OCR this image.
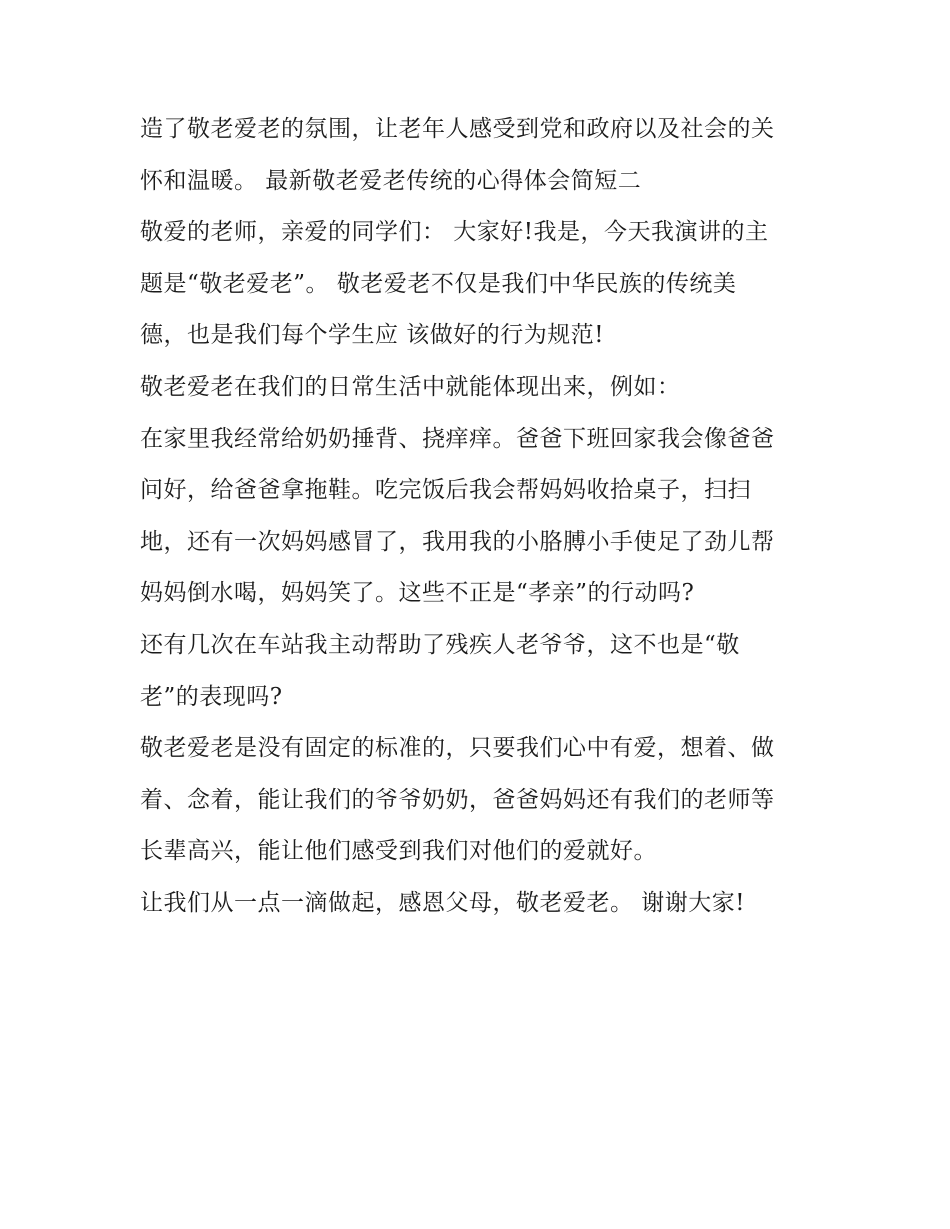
造了敬老爱老的氛围，让老年人感受到党和政府以及社会的关
怀和温暖。 最新敬老爱老传统的心得体会简短二
敬爱的老师，亲爱的同学们： 大家好!我是，今天我演讲的主
题是“敬老爱老”。 敬老爱老不仅是我们中华民族的传统美
德，也是我们每个学生应 该做好的行为规范!
敬老爱老在我们的日常生活中就能体现出来，例如：
在家里我经常给奶奶捶背、挠痒痒。爸爸下班回家我会像爸爸
问好，给爸爸拿拖鞋。吃完饭后我会帮妈妈收拾桌子，扫扫
地，还有一次妈妈感冒了，我用我的小胳膊小手使足了劲儿帮
妈妈倒水喝，妈妈笑了。这些不正是“孝亲”的行动吗?
还有几次在车站我主动帮助了残疾人老爷爷，这不也是“敬
老”的表现吗?
敬老爱老是没有固定的标准的，只要我们心中有爱，想着、做
着、念着，能让我们的爷爷奶奶，爸爸妈妈还有我们的老师等
长辈高兴，能让他们感受到我们对他们的爱就好。
让我们从一点一滴做起，感恩父母，敬老爱老。 谢谢大家!
